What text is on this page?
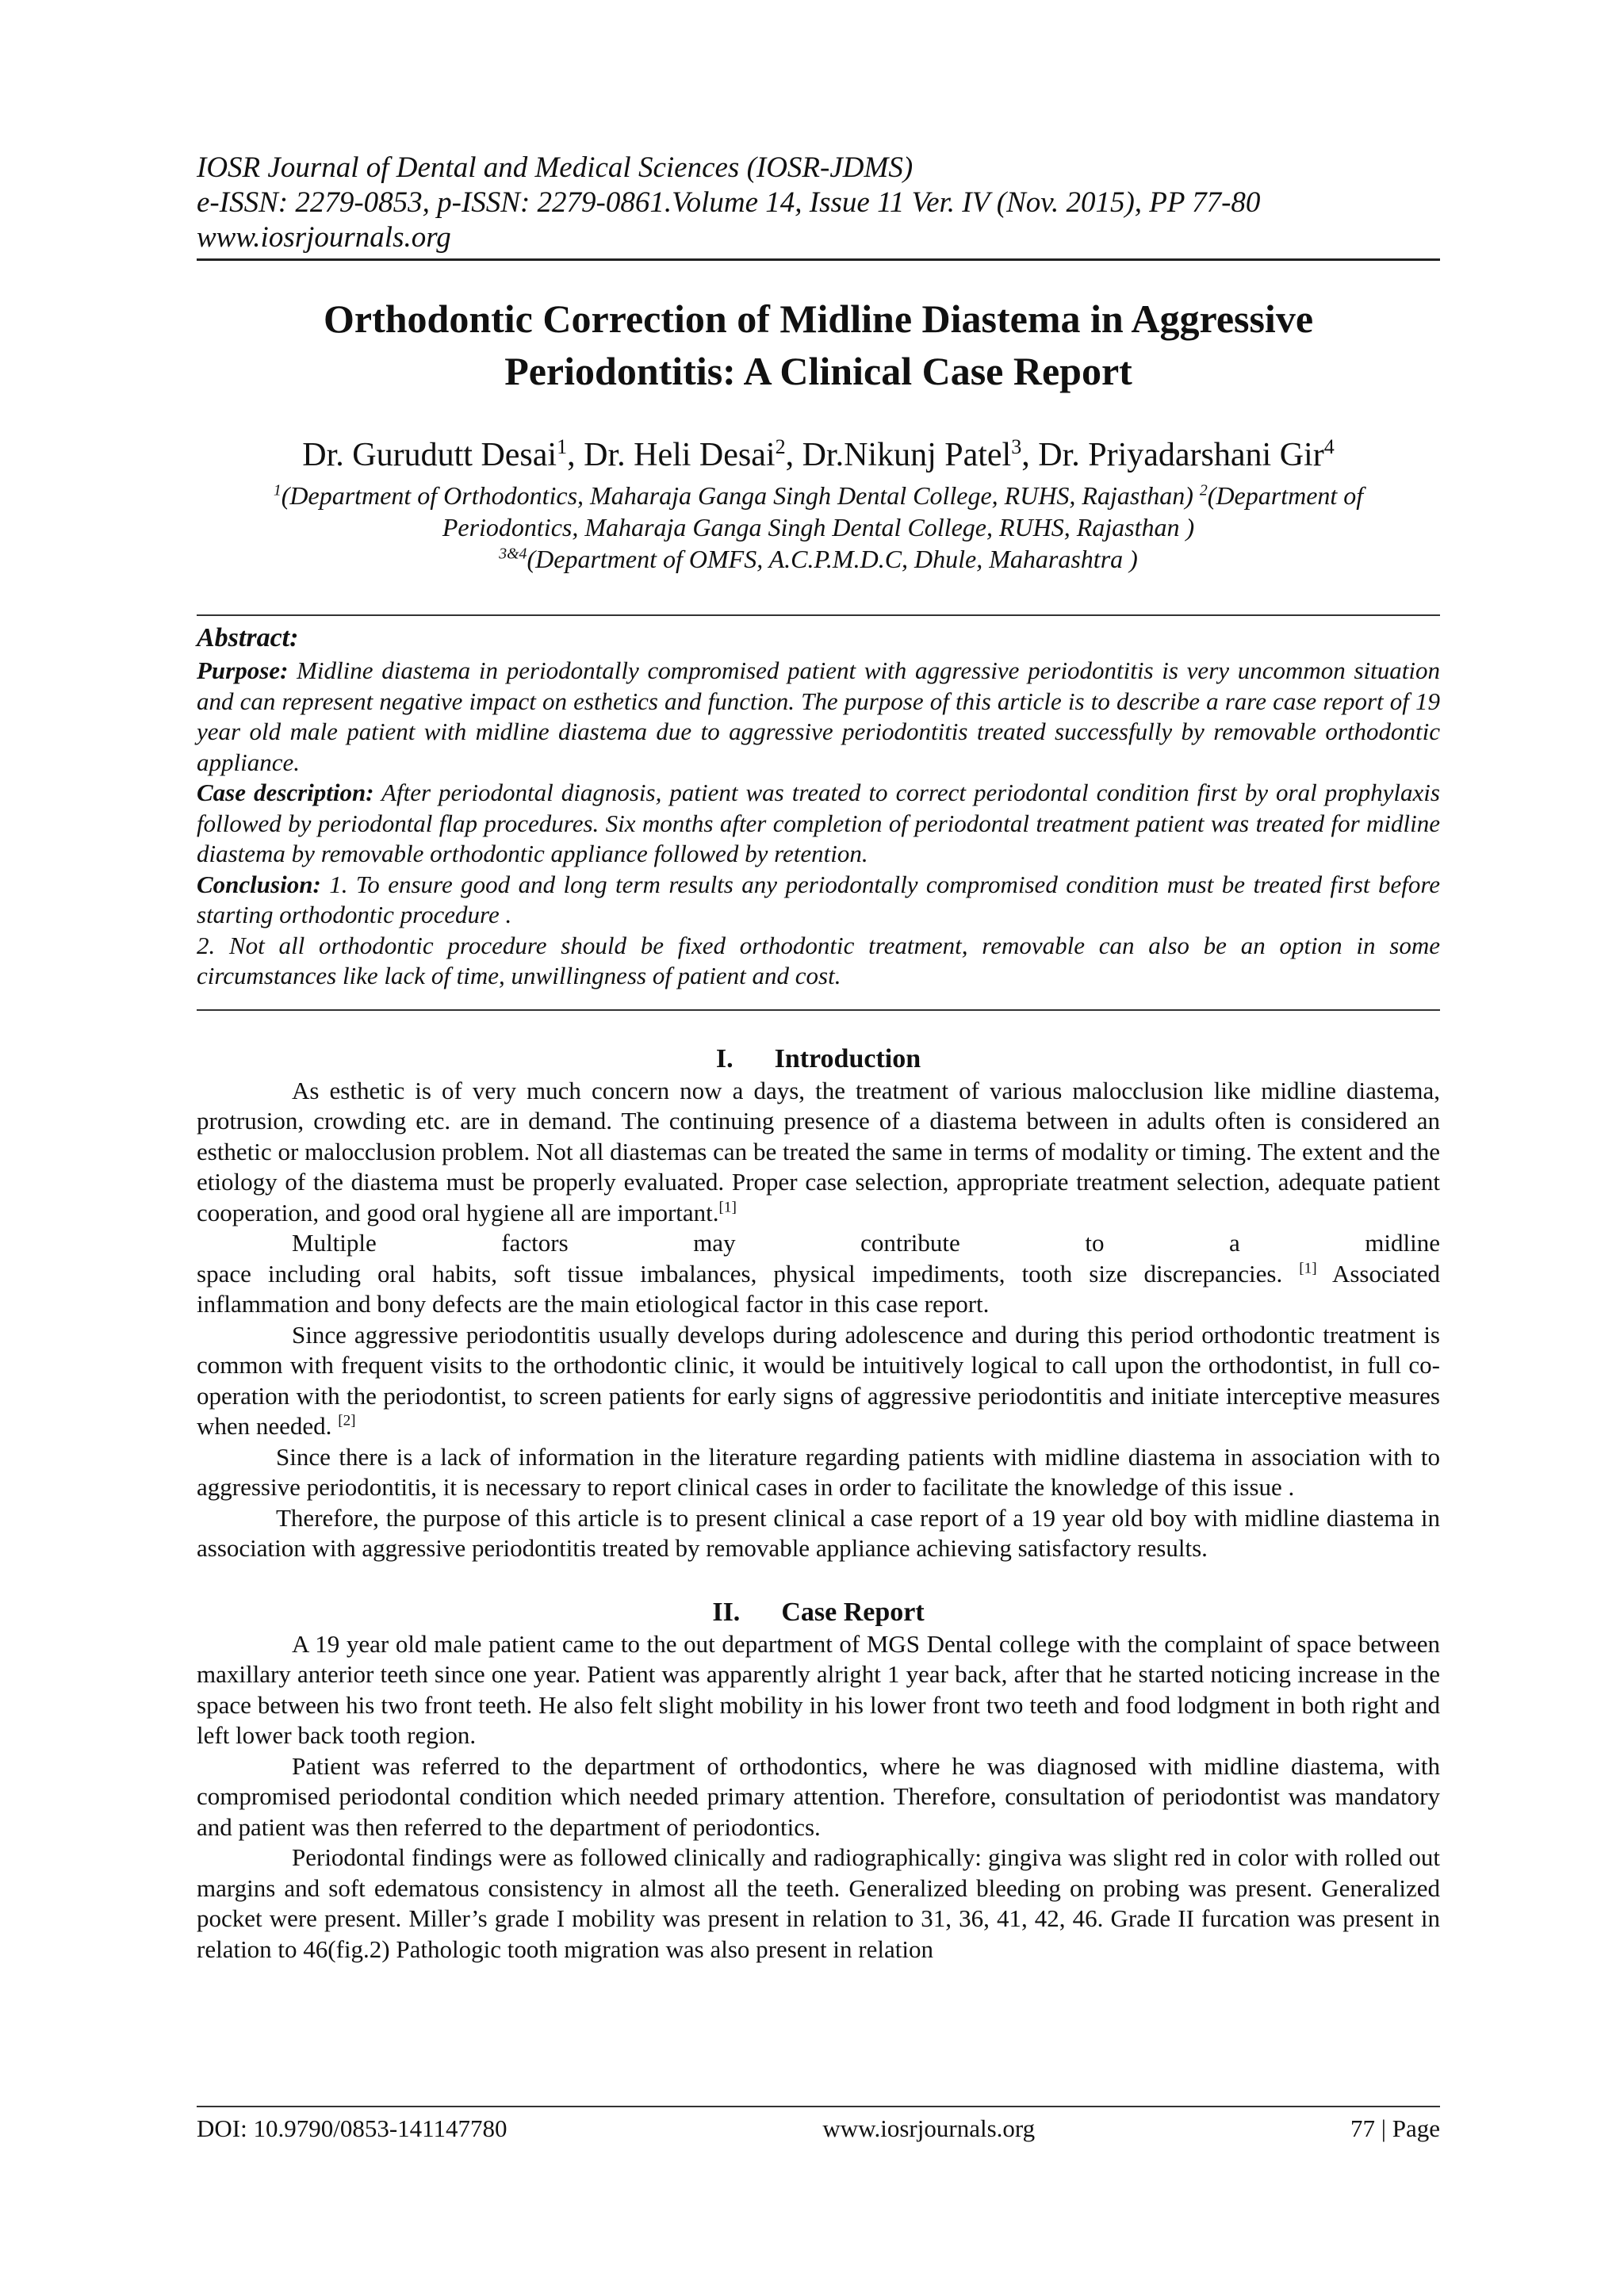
IOSR Journal of Dental and Medical Sciences (IOSR-JDMS)
e-ISSN: 2279-0853, p-ISSN: 2279-0861.Volume 14, Issue 11 Ver. IV (Nov. 2015), PP 77-80
www.iosrjournals.org
Orthodontic Correction of Midline Diastema in Aggressive
Periodontitis: A Clinical Case Report
Dr. Gurudutt Desai$^1$, Dr. Heli Desai$^2$, Dr.Nikunj Patel$^3$, Dr. Priyadarshani Gir$^4$
$^1$(Department of Orthodontics, Maharaja Ganga Singh Dental College, RUHS, Rajasthan) $^2$(Department of Periodontics, Maharaja Ganga Singh Dental College, RUHS, Rajasthan )
$^{3\&4}$(Department of OMFS, A.C.P.M.D.C, Dhule, Maharashtra )
Abstract:

Purpose: Midline diastema in periodontally compromised patient with aggressive periodontitis is very uncommon situation and can represent negative impact on esthetics and function. The purpose of this article is to describe a rare case report of 19 year old male patient with midline diastema due to aggressive periodontitis treated successfully by removable orthodontic appliance.

Case description: After periodontal diagnosis, patient was treated to correct periodontal condition first by oral prophylaxis followed by periodontal flap procedures. Six months after completion of periodontal treatment patient was treated for midline diastema by removable orthodontic appliance followed by retention.

Conclusion: 1. To ensure good and long term results any periodontally compromised condition must be treated first before starting orthodontic procedure .

2. Not all orthodontic procedure should be fixed orthodontic treatment, removable can also be an option in some circumstances like lack of time, unwillingness of patient and cost.

I. Introduction

As esthetic is of very much concern now a days, the treatment of various malocclusion like midline diastema, protrusion, crowding etc. are in demand. The continuing presence of a diastema between in adults often is considered an esthetic or malocclusion problem. Not all diastemas can be treated the same in terms of modality or timing. The extent and the etiology of the diastema must be properly evaluated. Proper case selection, appropriate treatment selection, adequate patient cooperation, and good oral hygiene all are important.[1]

Multiple factors may contribute to a midline

space including oral habits, soft tissue imbalances, physical impediments, tooth size discrepancies. [1] Associated inflammation and bony defects are the main etiological factor in this case report.

Since aggressive periodontitis usually develops during adolescence and during this period orthodontic treatment is common with frequent visits to the orthodontic clinic, it would be intuitively logical to call upon the orthodontist, in full co-operation with the periodontist, to screen patients for early signs of aggressive periodontitis and initiate interceptive measures when needed. [2]

Since there is a lack of information in the literature regarding patients with midline diastema in association with to aggressive periodontitis, it is necessary to report clinical cases in order to facilitate the knowledge of this issue .

Therefore, the purpose of this article is to present clinical a case report of a 19 year old boy with midline diastema in association with aggressive periodontitis treated by removable appliance achieving satisfactory results.

II. Case Report

A 19 year old male patient came to the out department of MGS Dental college with the complaint of space between maxillary anterior teeth since one year. Patient was apparently alright 1 year back, after that he started noticing increase in the space between his two front teeth. He also felt slight mobility in his lower front two teeth and food lodgment in both right and left lower back tooth region.

Patient was referred to the department of orthodontics, where he was diagnosed with midline diastema, with compromised periodontal condition which needed primary attention. Therefore, consultation of periodontist was mandatory and patient was then referred to the department of periodontics.

Periodontal findings were as followed clinically and radiographically: gingiva was slight red in color with rolled out margins and soft edematous consistency in almost all the teeth. Generalized bleeding on probing was present. Generalized pocket were present. Miller’s grade I mobility was present in relation to 31, 36, 41, 42, 46. Grade II furcation was present in relation to 46(fig.2) Pathologic tooth migration was also present in relation

DOI: 10.9790/0853-141147780	www.iosrjournals.org	77 | Page
